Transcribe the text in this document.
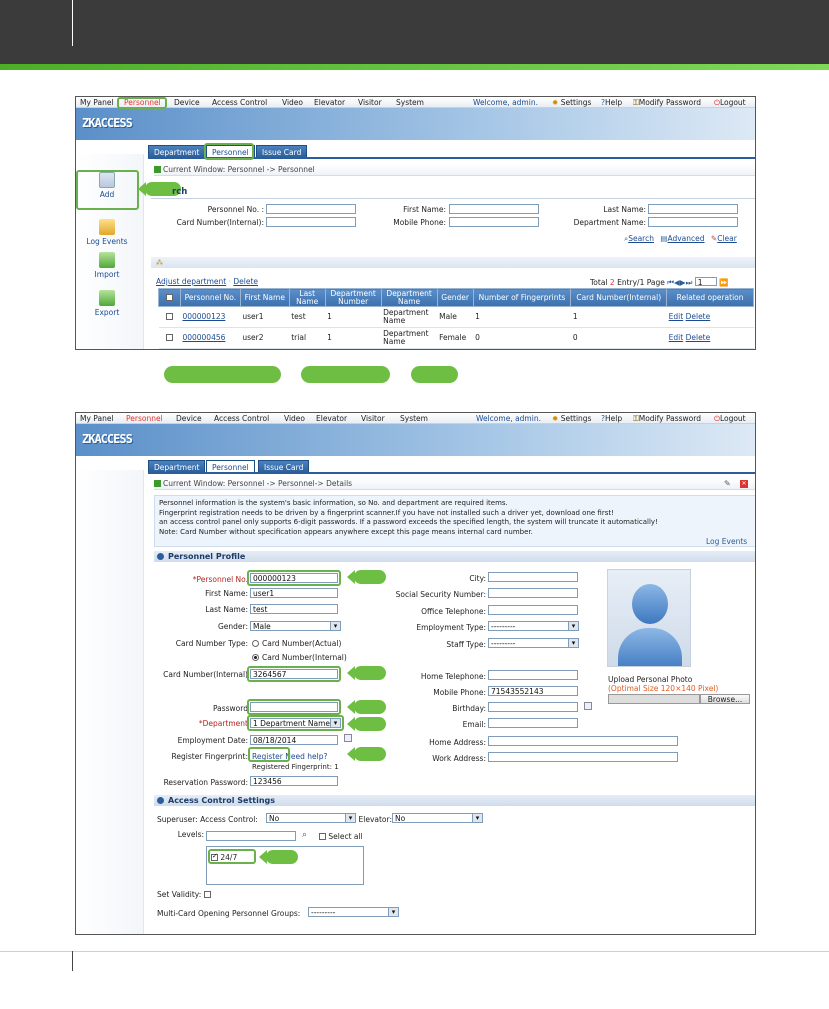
My Panel Personnel Device Access Control Video Elevator Visitor System	Welcome, admin. ✹ Settings ?Help ⚿Modify Password ⏻Logout
ZKACCESS
Add
Log Events
Import
Export
Department	Personnel	Issue Card
Current Window: Personnel -> Personnel
rch
Personnel No. :
Card Number(Internal):
First Name:
Mobile Phone:
Last Name:
Department Name:
⌕Search ▤Advanced ✎Clear
⁂
Adjust department · Delete	Total 2 Entry/1 Page ⏮◀▶⏭ 1 ⏩
	Personnel No.	First Name	Last Name	Department Number	Department Name	Gender	Number of Fingerprints	Card Number(Internal)	Related operation
	000000123	user1	test	1	Department Name	Male	1	1	Edit Delete
	000000456	user2	trial	1	Department Name	Female	0	0	Edit Delete
My Panel Personnel Device Access Control Video Elevator Visitor System	Welcome, admin. ✹ Settings ?Help ⚿Modify Password ⏻Logout
ZKACCESS
Department	Personnel	Issue Card
Current Window: Personnel -> Personnel-> Details	✎ ✕
Personnel information is the system's basic information, so No. and department are required items.
Fingerprint registration needs to be driven by a fingerprint scanner.If you have not installed such a driver yet, download one first!
an access control panel only supports 6-digit passwords. If a password exceeds the specified length, the system will truncate it automatically!
Note: Card Number without specification appears anywhere except this page means internal card number.
Log Events
Personnel Profile
*Personnel No. 000000123
First Name: user1
Last Name: test
Gender: Male ▾
Card Number Type:	Card Number(Actual)
Card Number(Internal)
Card Number(Internal) 3264567
Password
*Department 1 Department Name ▾
Employment Date: 08/18/2014
Register Fingerprint: Register Need help?
Registered Fingerprint: 1
Reservation Password: 123456
City:
Social Security Number:
Office Telephone:
Employment Type: --------- ▾
Staff Type: --------- ▾
Home Telephone:
Mobile Phone: 71543552143
Birthday:
Email:
Home Address:
Work Address:
Upload Personal Photo
(Optimal Size 120×140 Pixel)
Browse...
Access Control Settings
Superuser: Access Control:	No ▾	Elevator: No ▾
Levels:	⌕	Select all
✓ 24/7
Set Validity:
Multi-Card Opening Personnel Groups:	--------- ▾
